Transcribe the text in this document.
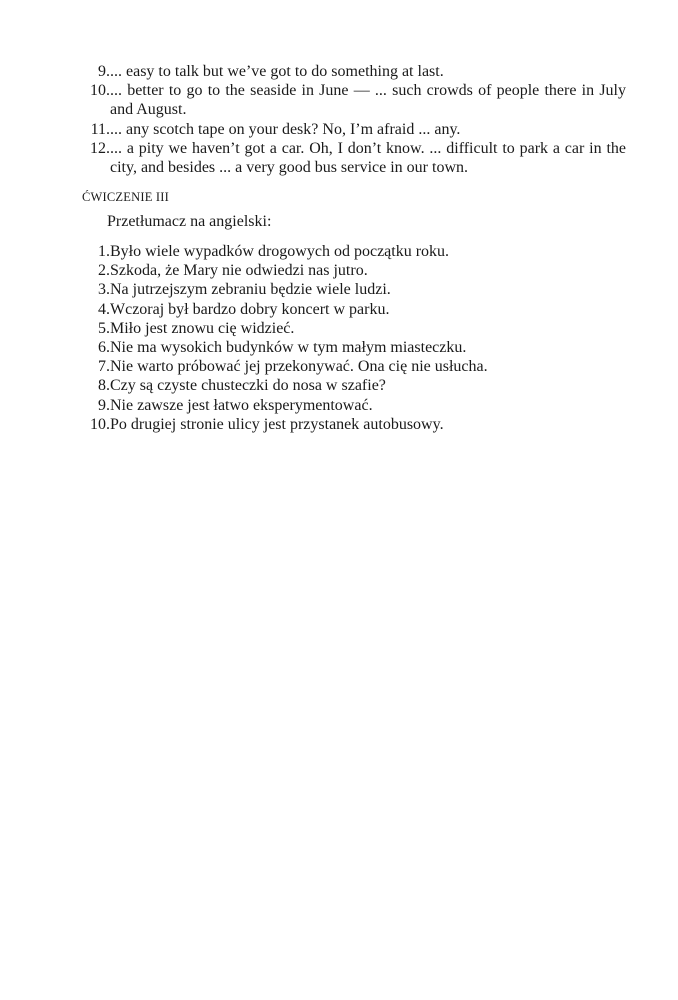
9. ... easy to talk but we’ve got to do something at last.
10. ... better to go to the seaside in June — ... such crowds of people there in July and August.
11. ... any scotch tape on your desk? No, I’m afraid ... any.
12. ... a pity we haven’t got a car. Oh, I don’t know. ... difficult to park a car in the city, and besides ... a very good bus service in our town.
ĆWICZENIE III
Przetłumacz na angielski:
1. Było wiele wypadków drogowych od początku roku.
2. Szkoda, że Mary nie odwiedzi nas jutro.
3. Na jutrzejszym zebraniu będzie wiele ludzi.
4. Wczoraj był bardzo dobry koncert w parku.
5. Miło jest znowu cię widzieć.
6. Nie ma wysokich budynków w tym małym miasteczku.
7. Nie warto próbować jej przekonywać. Ona cię nie usłucha.
8. Czy są czyste chusteczki do nosa w szafie?
9. Nie zawsze jest łatwo eksperymentować.
10. Po drugiej stronie ulicy jest przystanek autobusowy.
